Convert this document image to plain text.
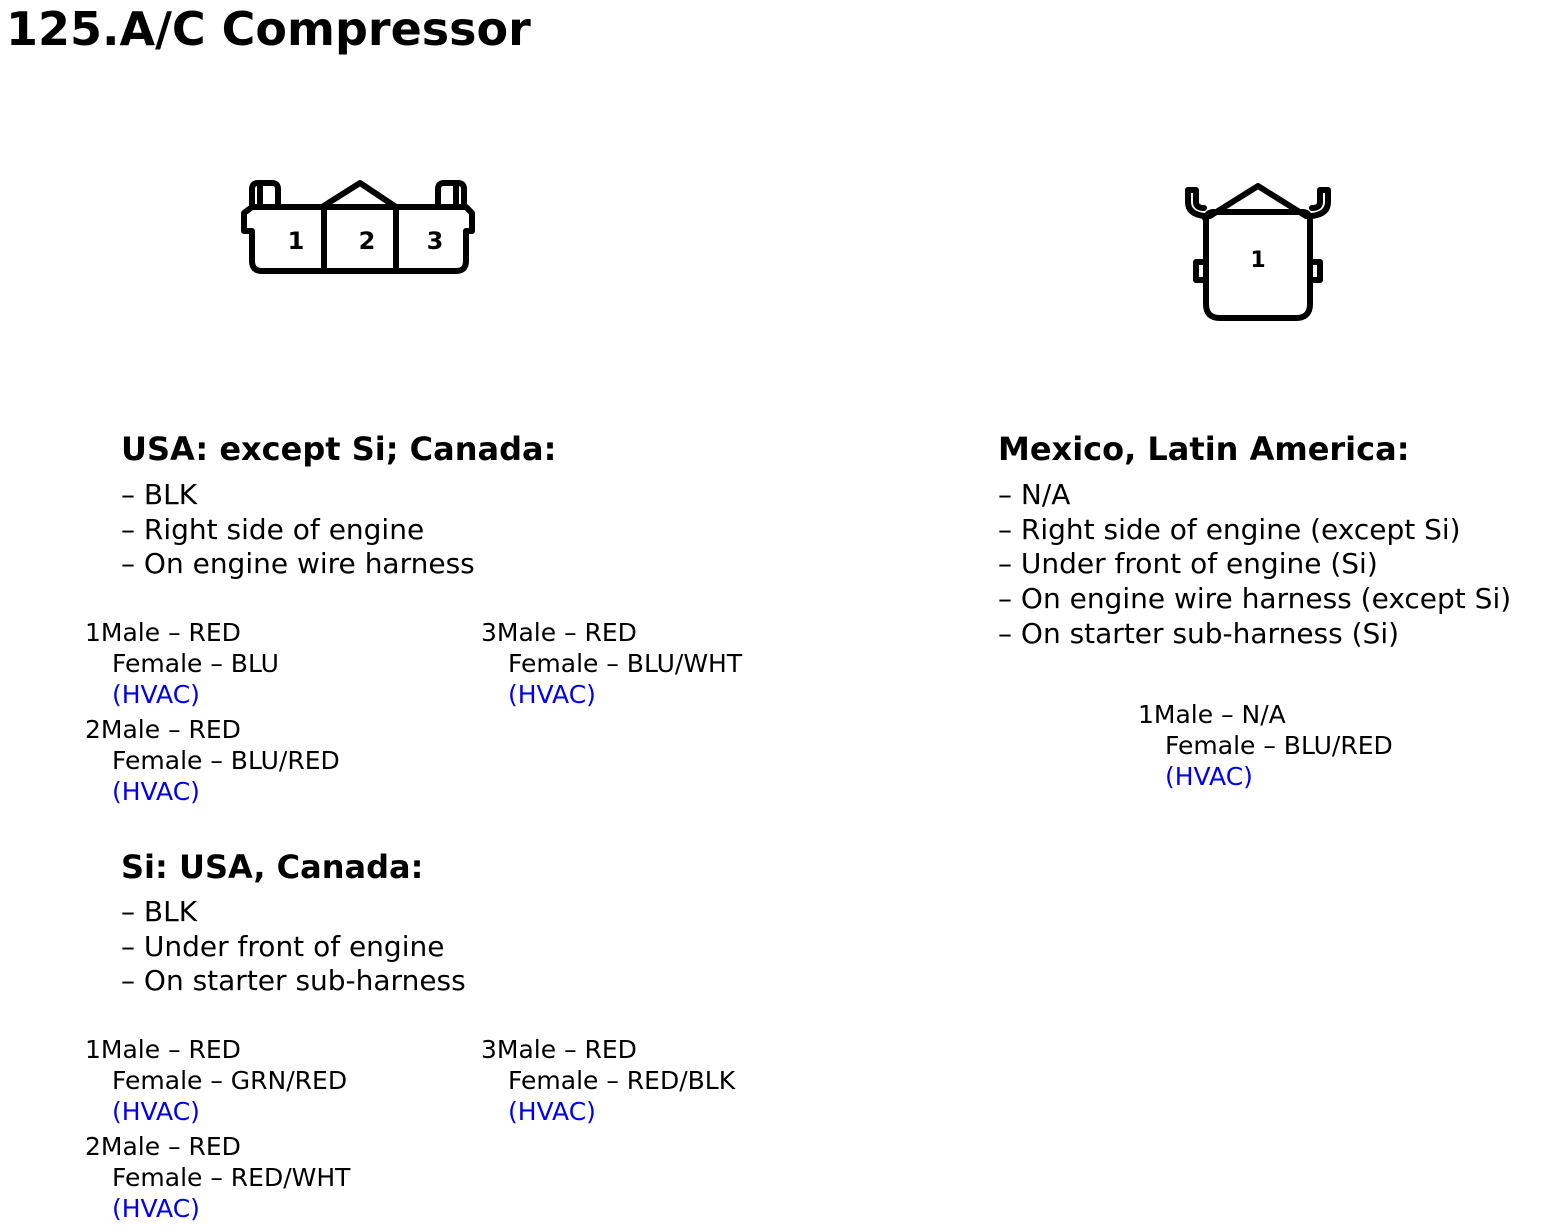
125.A/C Compressor
1 2 3
1
USA: except Si; Canada:
– BLK
– Right side of engine
– On engine wire harness
1Male – RED
Female – BLU
(HVAC)
2Male – RED
Female – BLU/RED
(HVAC)
3Male – RED
Female – BLU/WHT
(HVAC)
Si: USA, Canada:
– BLK
– Under front of engine
– On starter sub-harness
1Male – RED
Female – GRN/RED
(HVAC)
2Male – RED
Female – RED/WHT
(HVAC)
3Male – RED
Female – RED/BLK
(HVAC)
Mexico, Latin America:
– N/A
– Right side of engine (except Si)
– Under front of engine (Si)
– On engine wire harness (except Si)
– On starter sub-harness (Si)
1Male – N/A
Female – BLU/RED
(HVAC)
